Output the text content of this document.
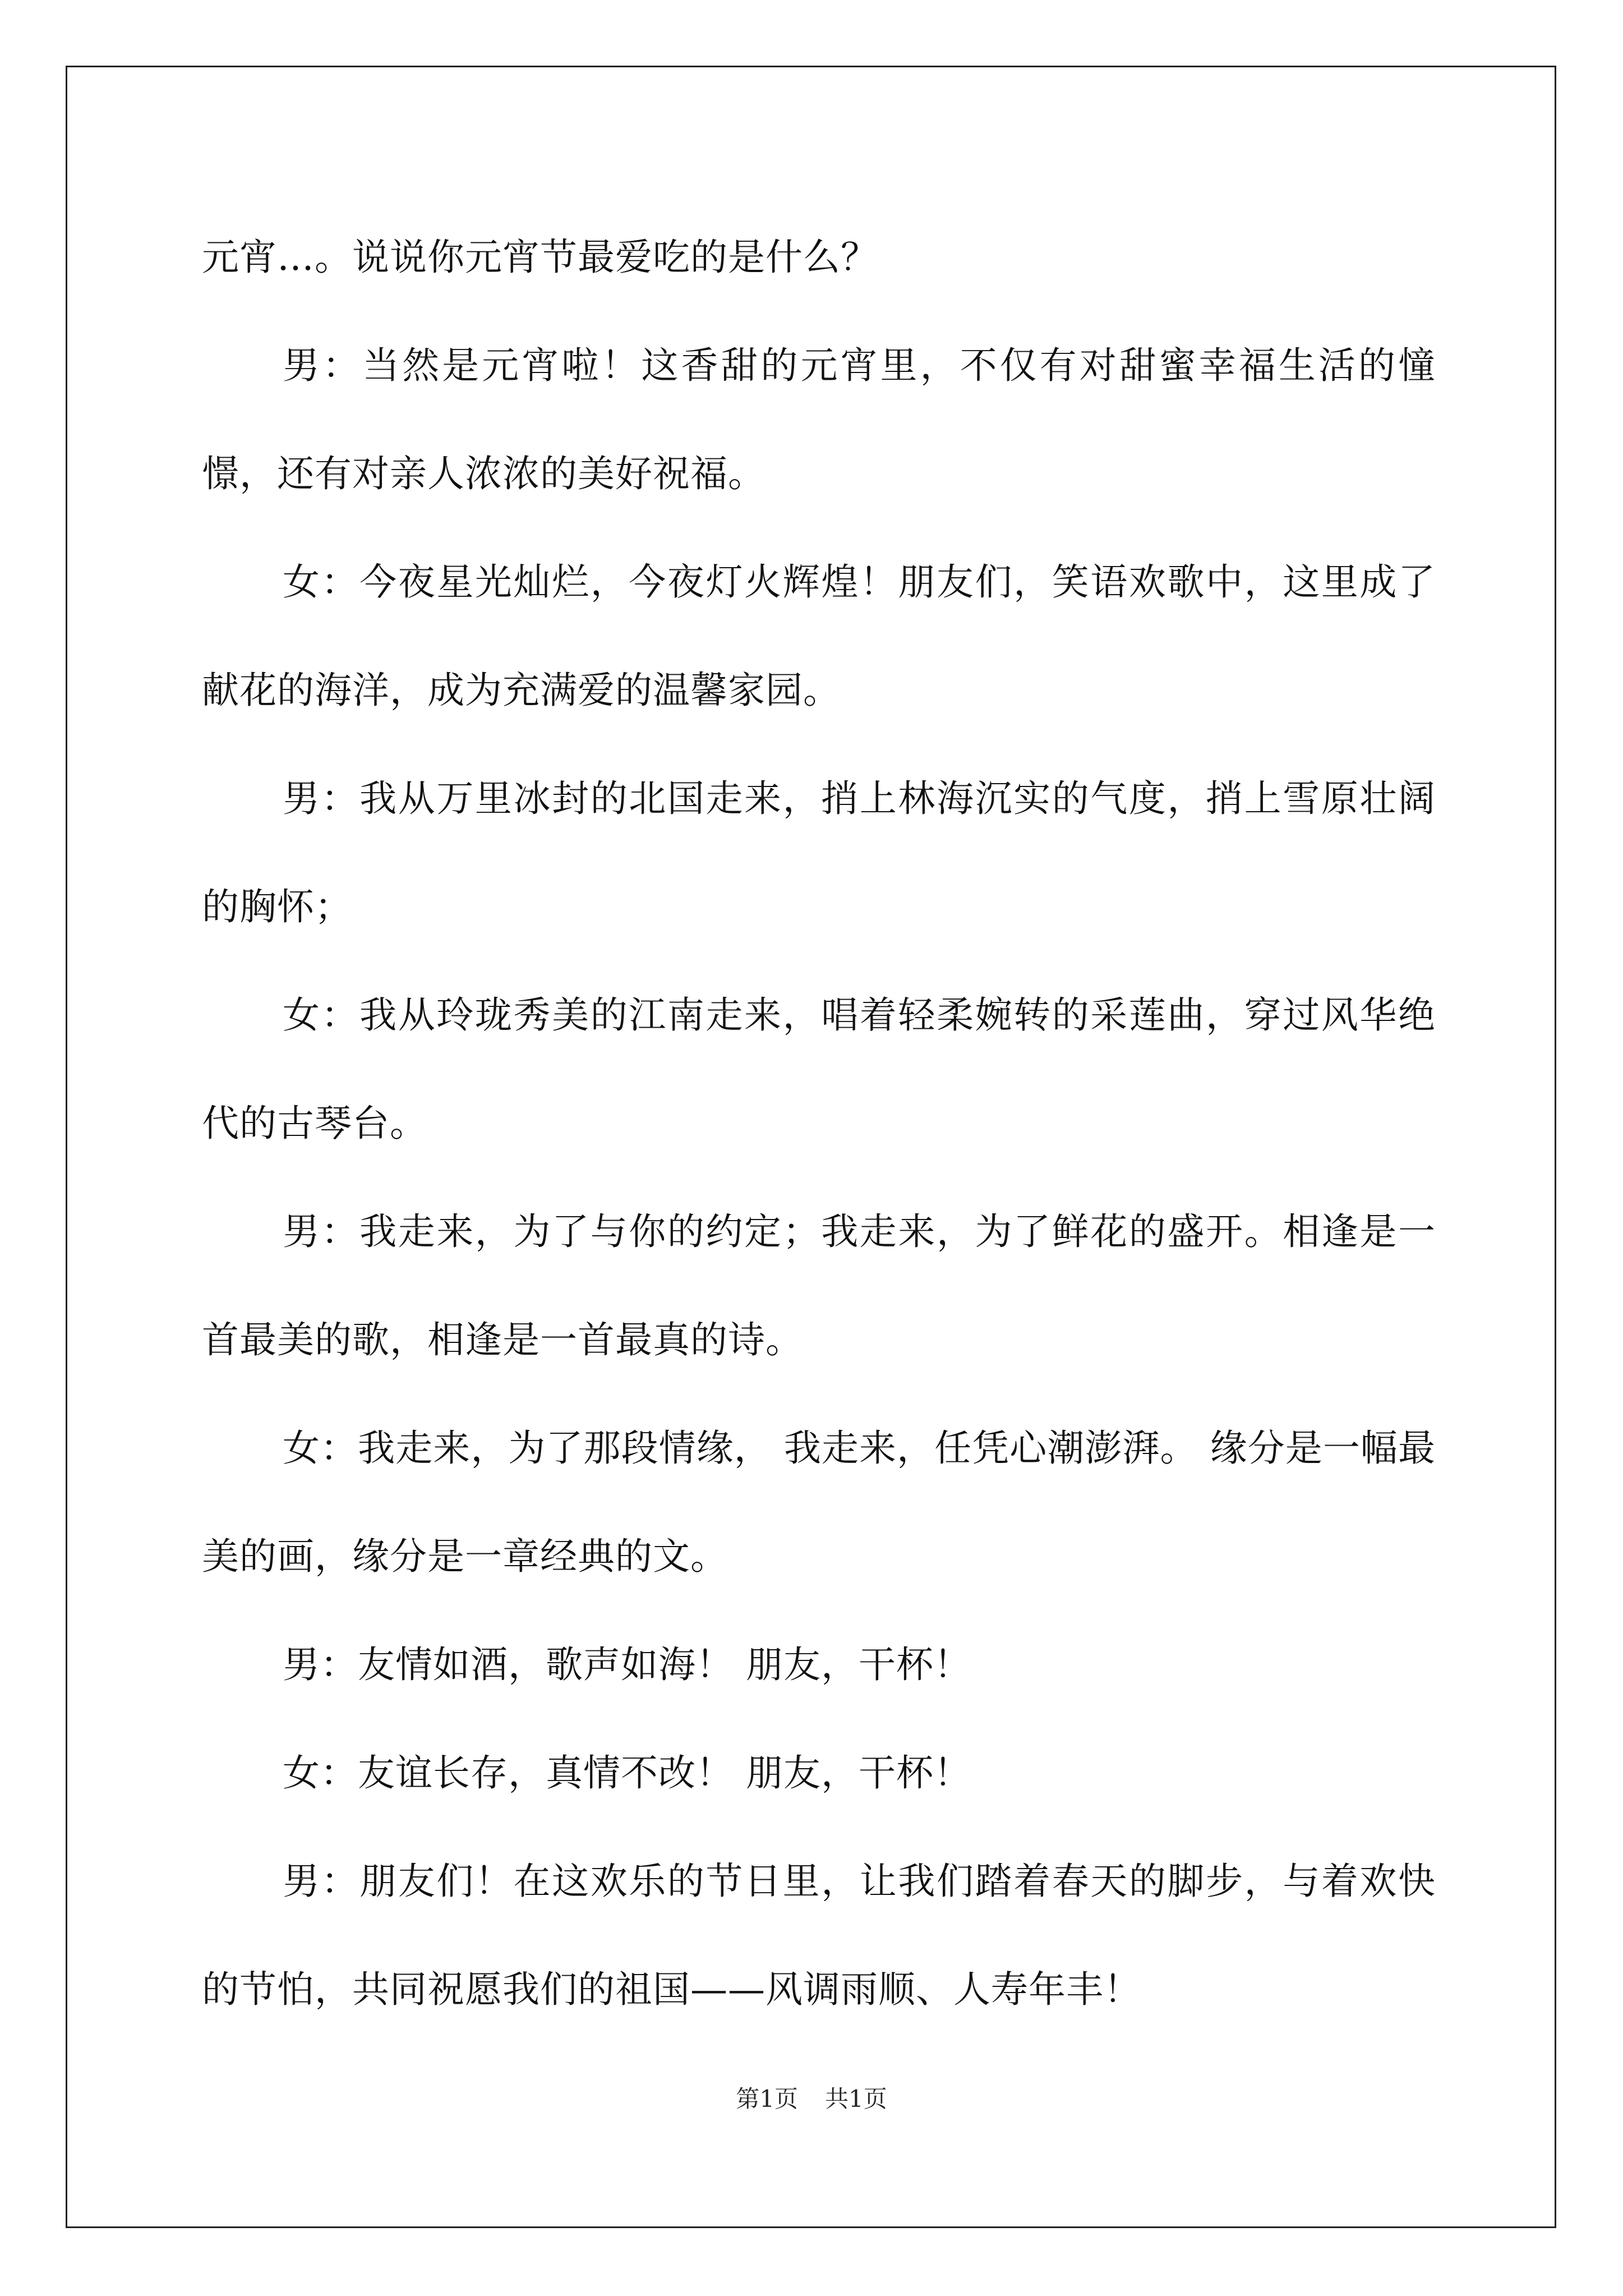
元宵…。说说你元宵节最爱吃的是什么？

男：当然是元宵啦！这香甜的元宵里，不仅有对甜蜜幸福生活的憧憬，还有对亲人浓浓的美好祝福。

女：今夜星光灿烂，今夜灯火辉煌！朋友们，笑语欢歌中，这里成了献花的海洋，成为充满爱的温馨家园。

男：我从万里冰封的北国走来，捎上林海沉实的气度，捎上雪原壮阔的胸怀；

女：我从玲珑秀美的江南走来，唱着轻柔婉转的采莲曲，穿过风华绝代的古琴台。

男：我走来，为了与你的约定；我走来，为了鲜花的盛开。相逢是一首最美的歌，相逢是一首最真的诗。

女：我走来，为了那段情缘， 我走来，任凭心潮澎湃。 缘分是一幅最美的画，缘分是一章经典的文。

男：友情如酒，歌声如海！ 朋友，干杯！

女：友谊长存，真情不改！ 朋友，干杯！

男：朋友们！在这欢乐的节日里，让我们踏着春天的脚步，与着欢快的节怕，共同祝愿我们的祖国——风调雨顺、人寿年丰！

第1页 共1页
